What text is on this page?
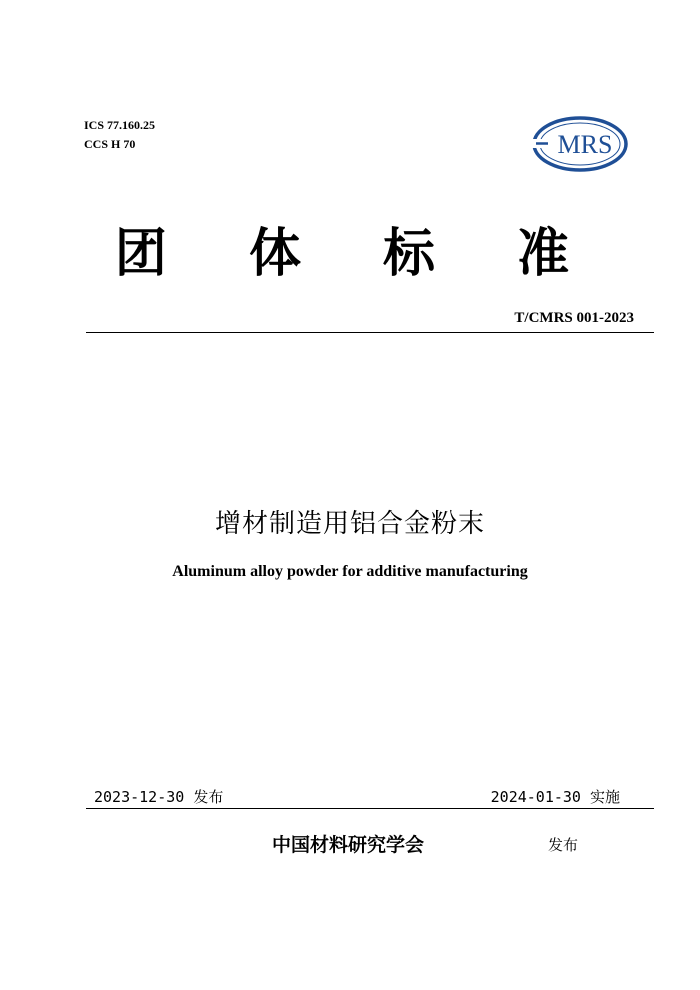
ICS 77.160.25
CCS H 70	MRS
团 体 标 准
T/CMRS 001-2023
增材制造用铝合金粉末
Aluminum alloy powder for additive manufacturing
2023-12-30 发布	2024-01-30 实施
中国材料研究学会	发布
